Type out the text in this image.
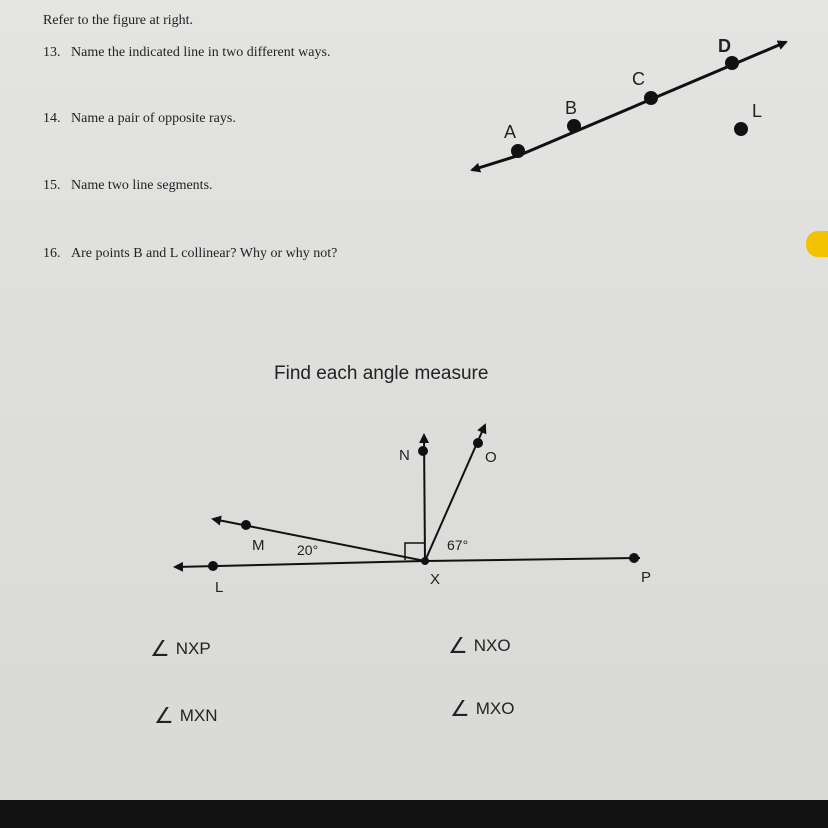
Refer to the figure at right.
13. Name the indicated line in two different ways.
14. Name a pair of opposite rays.
15. Name two line segments.
16. Are points B and L collinear? Why or why not?
Find each angle measure
A
B
C
D
L
N	O
M
L	X	P
20°	67°
∠ NXP	∠ NXO
∠ MXN	∠ MXO
